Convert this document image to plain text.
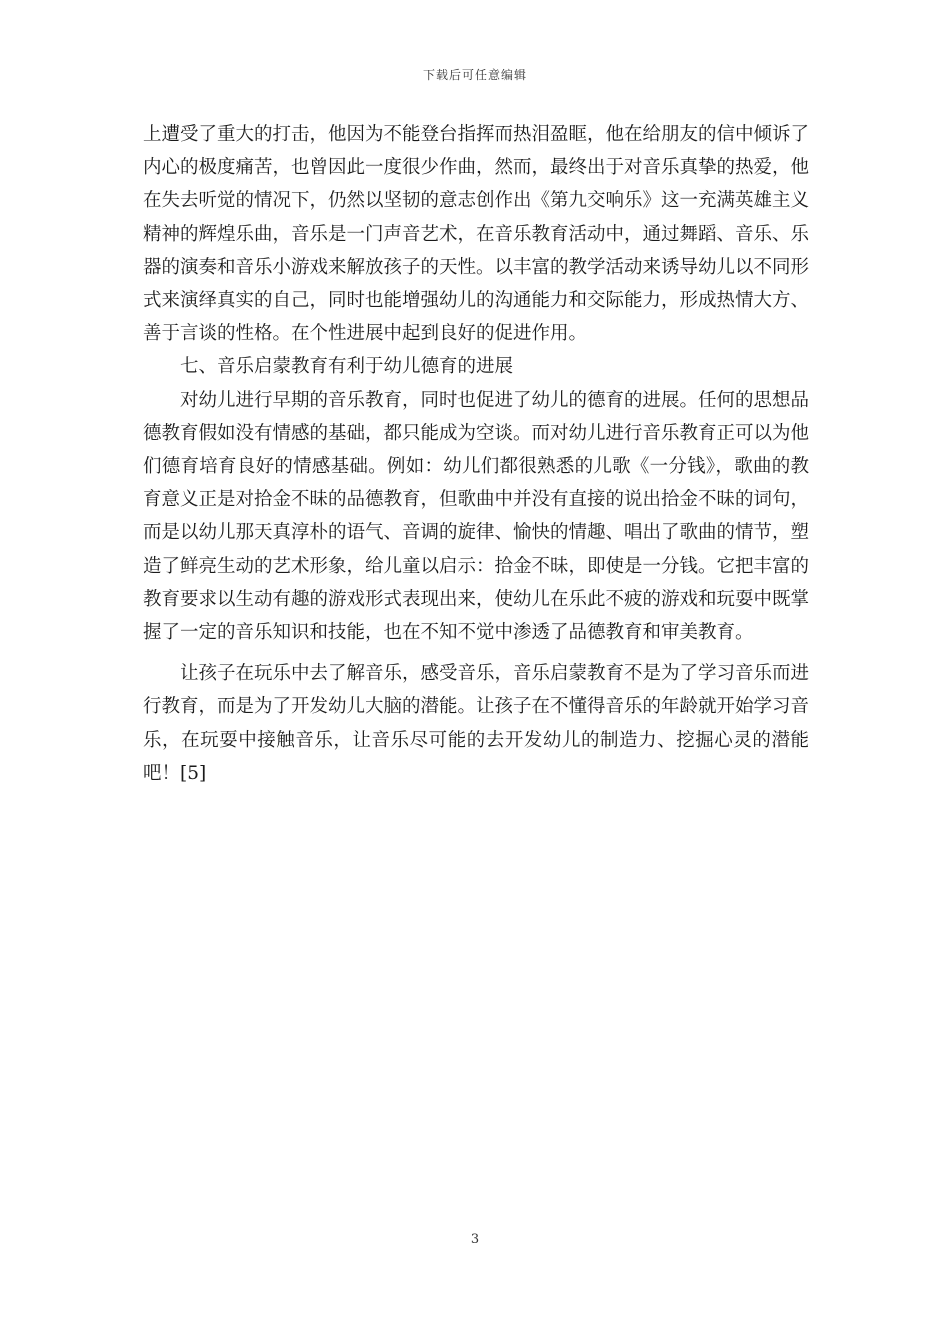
下载后可任意编辑

上遭受了重大的打击，他因为不能登台指挥而热泪盈眶，他在给朋友的信中倾诉了内心的极度痛苦，也曾因此一度很少作曲，然而，最终出于对音乐真挚的热爱，他在失去听觉的情况下，仍然以坚韧的意志创作出《第九交响乐》这一充满英雄主义精神的辉煌乐曲，音乐是一门声音艺术，在音乐教育活动中，通过舞蹈、音乐、乐器的演奏和音乐小游戏来解放孩子的天性。以丰富的教学活动来诱导幼儿以不同形式来演绎真实的自己，同时也能增强幼儿的沟通能力和交际能力，形成热情大方、善于言谈的性格。在个性进展中起到良好的促进作用。

七、音乐启蒙教育有利于幼儿德育的进展

对幼儿进行早期的音乐教育，同时也促进了幼儿的德育的进展。任何的思想品德教育假如没有情感的基础，都只能成为空谈。而对幼儿进行音乐教育正可以为他们德育培育良好的情感基础。例如：幼儿们都很熟悉的儿歌《一分钱》，歌曲的教育意义正是对拾金不昧的品德教育，但歌曲中并没有直接的说出拾金不昧的词句，而是以幼儿那天真淳朴的语气、音调的旋律、愉快的情趣、唱出了歌曲的情节，塑造了鲜亮生动的艺术形象，给儿童以启示：拾金不昧，即使是一分钱。它把丰富的教育要求以生动有趣的游戏形式表现出来，使幼儿在乐此不疲的游戏和玩耍中既掌握了一定的音乐知识和技能，也在不知不觉中渗透了品德教育和审美教育。

让孩子在玩乐中去了解音乐，感受音乐，音乐启蒙教育不是为了学习音乐而进行教育，而是为了开发幼儿大脑的潜能。让孩子在不懂得音乐的年龄就开始学习音乐，在玩耍中接触音乐，让音乐尽可能的去开发幼儿的制造力、挖掘心灵的潜能吧！[5]

3
